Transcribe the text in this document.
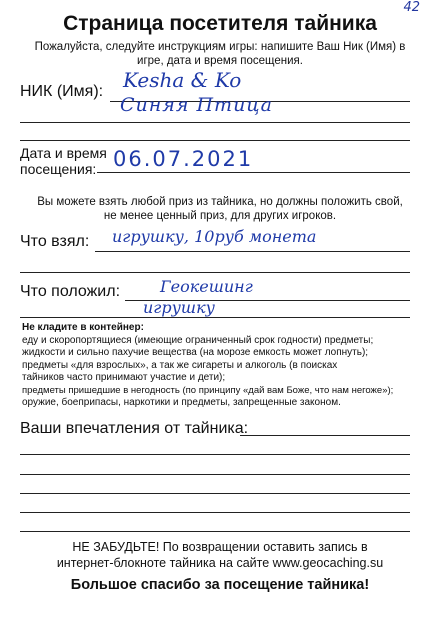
42
Страница посетителя тайника
Пожалуйста, следуйте инструкциям игры: напишите Ваш Ник (Имя) в игре, дата и время посещения.
НИК (Имя): Kesha & Ko
Синяя Птица
Дата и время
посещения: 06.07.2021
Вы можете взять любой приз из тайника, но должны положить свой, не менее ценный приз, для других игроков.
Что взял: игрушку, 10руб монета
Что положил: Геокешинг
игрушку
Не кладите в контейнер:
еду и скоропортящиеся (имеющие ограниченный срок годности) предметы;
жидкости и сильно пахучие вещества (на морозе емкость может лопнуть);
предметы «для взрослых», а так же сигареты и алкоголь (в поисках
тайников часто принимают участие и дети);
предметы пришедшие в негодность (по принципу «дай вам Боже, что нам негоже»);
оружие, боеприпасы, наркотики и предметы, запрещенные законом.
Ваши впечатления от тайника:
НЕ ЗАБУДЬТЕ! По возвращении оставить запись в
интернет-блокноте тайника на сайте www.geocaching.su
Большое спасибо за посещение тайника!
